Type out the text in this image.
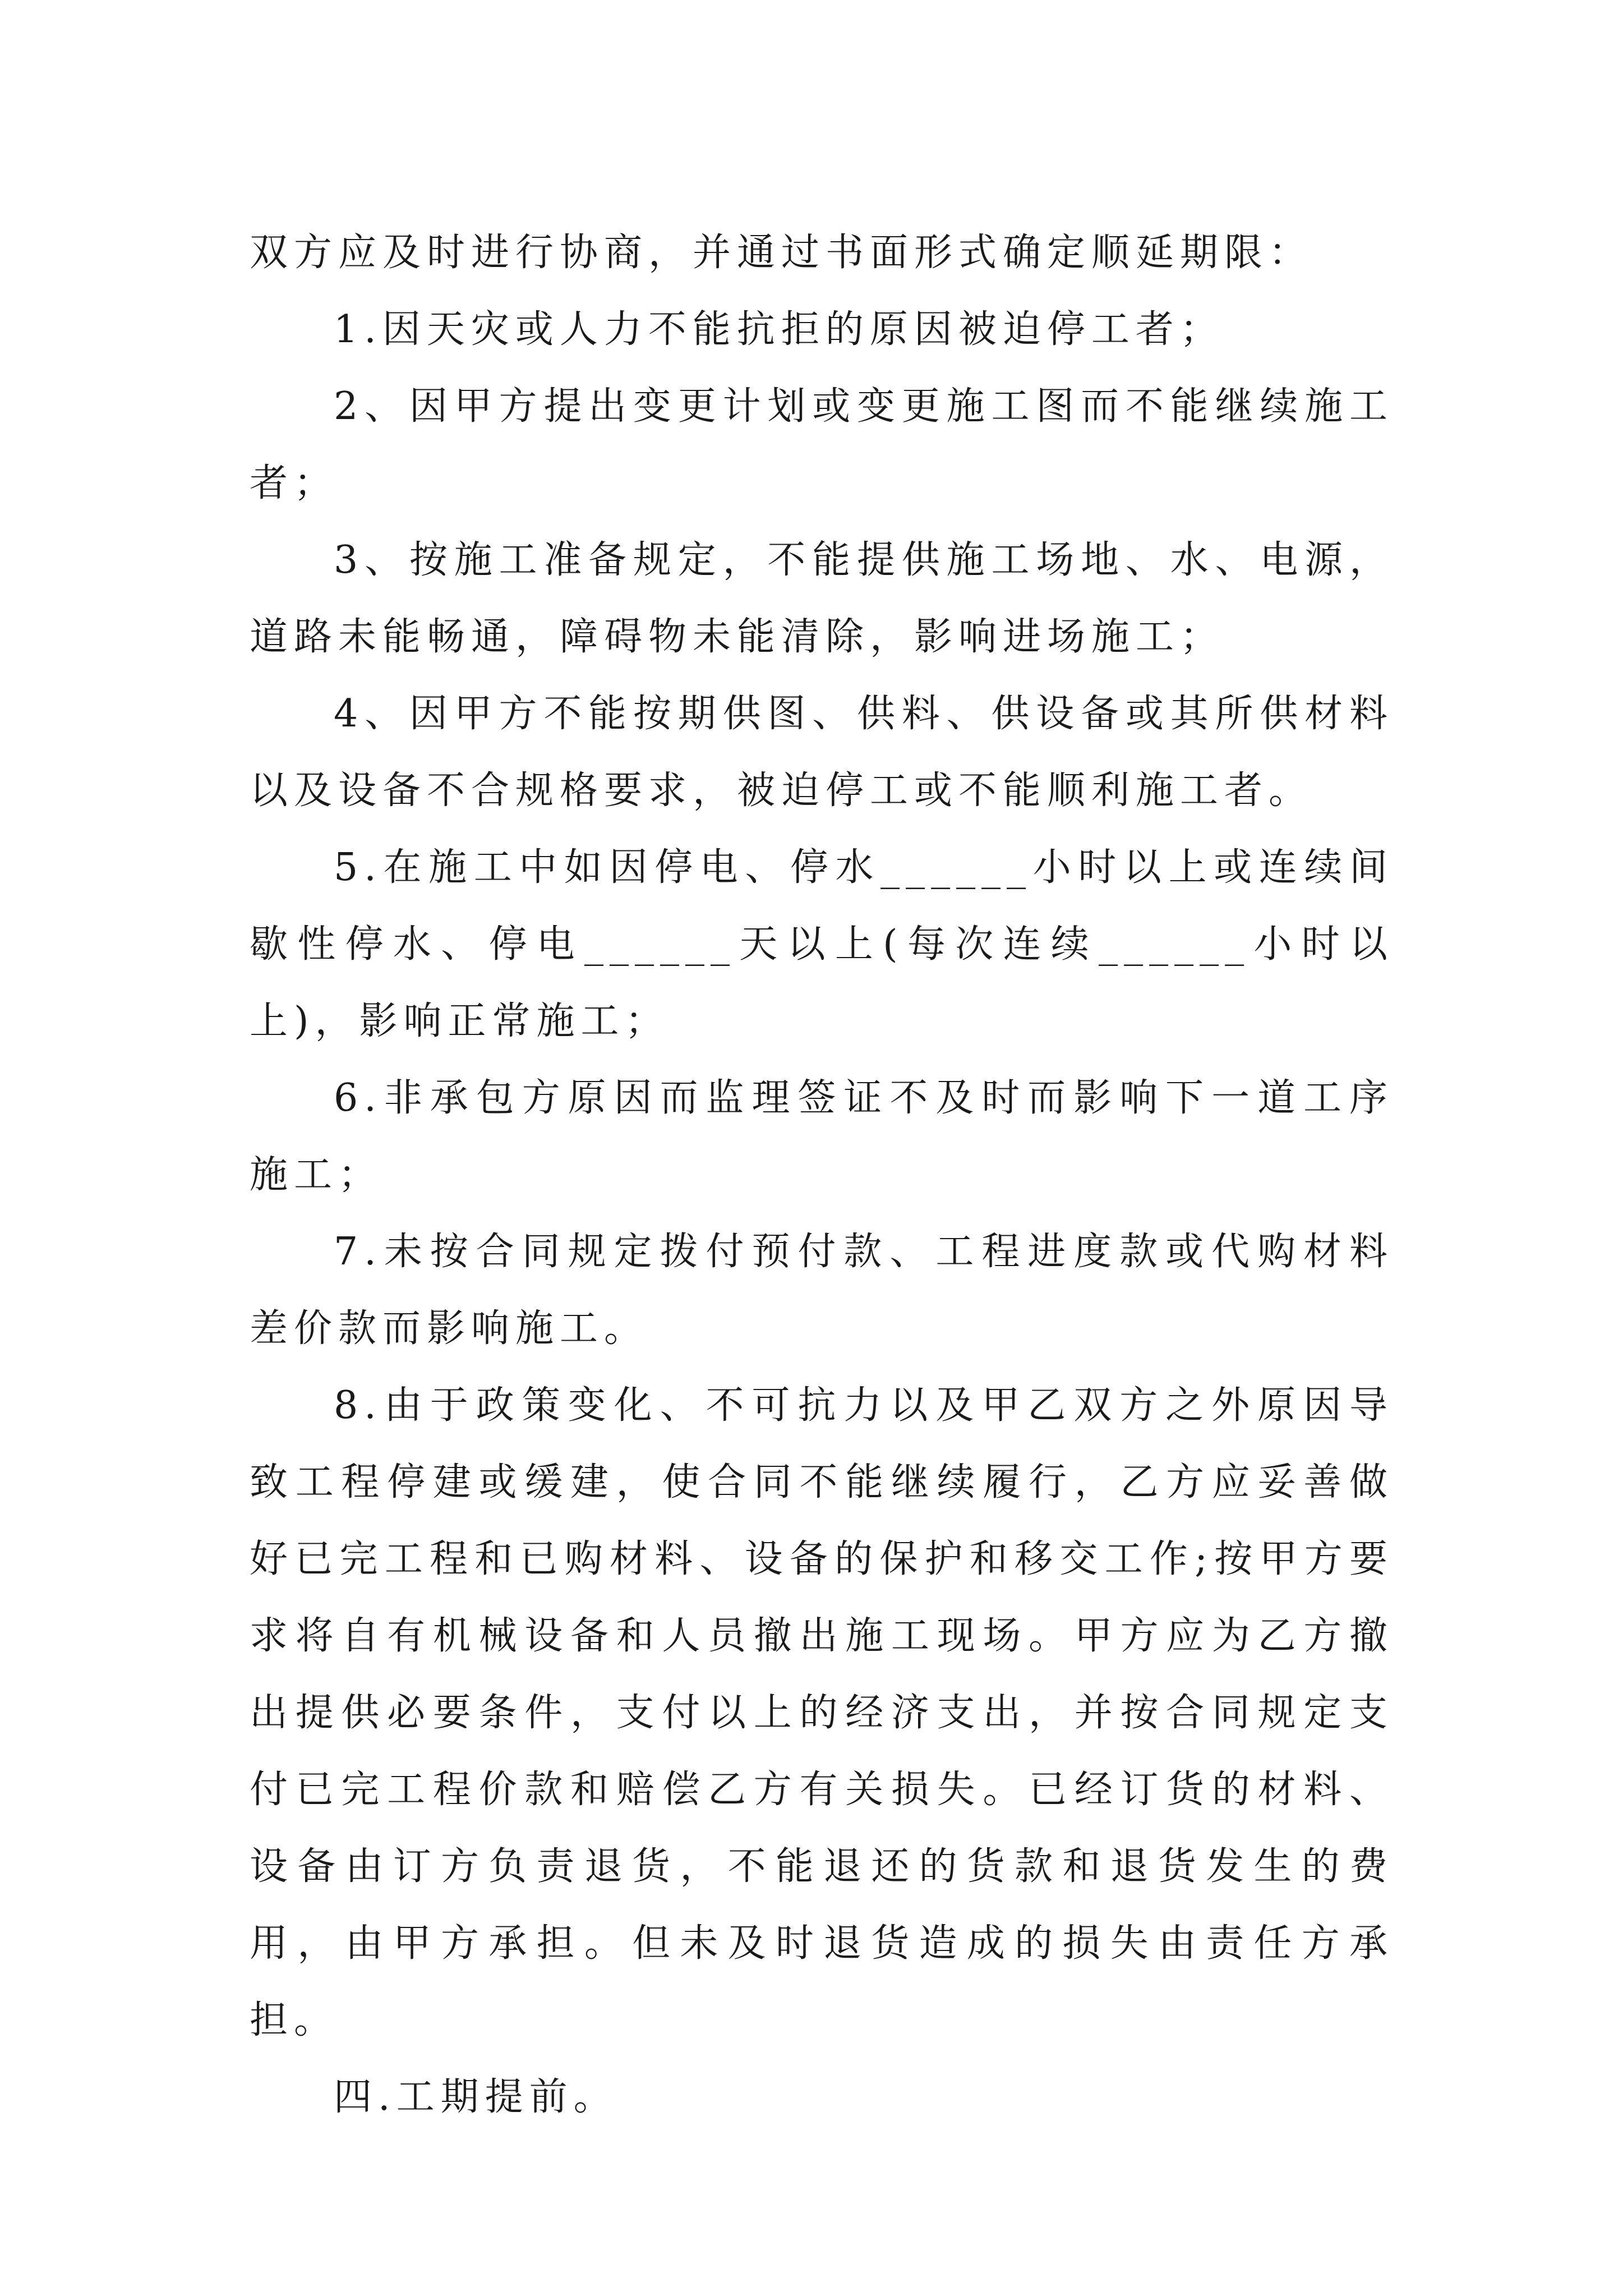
双方应及时进行协商，并通过书面形式确定顺延期限：

1.因天灾或人力不能抗拒的原因被迫停工者；

2、因甲方提出变更计划或变更施工图而不能继续施工者；

3、按施工准备规定，不能提供施工场地、水、电源，道路未能畅通，障碍物未能清除，影响进场施工；

4、因甲方不能按期供图、供料、供设备或其所供材料以及设备不合规格要求，被迫停工或不能顺利施工者。

5.在施工中如因停电、停水______小时以上或连续间歇性停水、停电______天以上(每次连续______小时以上)，影响正常施工；

6.非承包方原因而监理签证不及时而影响下一道工序施工；

7.未按合同规定拨付预付款、工程进度款或代购材料差价款而影响施工。

8.由于政策变化、不可抗力以及甲乙双方之外原因导致工程停建或缓建，使合同不能继续履行，乙方应妥善做好已完工程和已购材料、设备的保护和移交工作;按甲方要求将自有机械设备和人员撤出施工现场。甲方应为乙方撤出提供必要条件，支付以上的经济支出，并按合同规定支付已完工程价款和赔偿乙方有关损失。已经订货的材料、设备由订方负责退货，不能退还的货款和退货发生的费用，由甲方承担。但未及时退货造成的损失由责任方承担。

四.工期提前。
